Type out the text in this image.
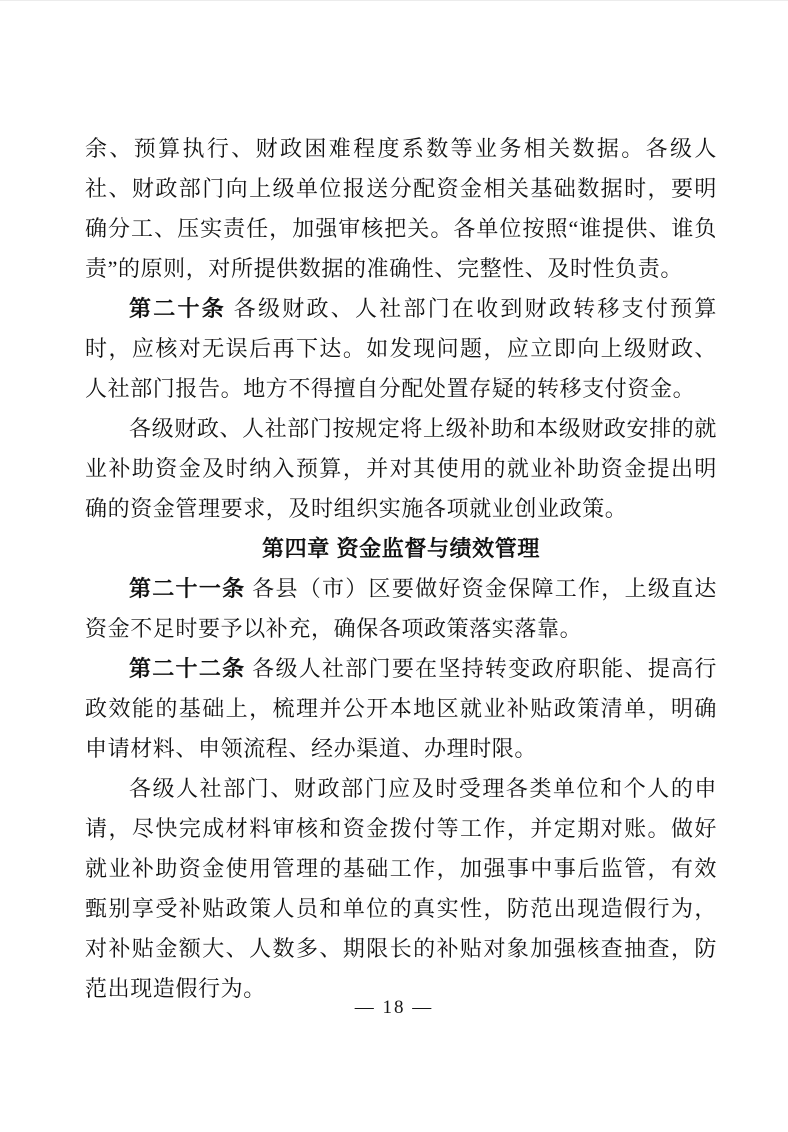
余、预算执行、财政困难程度系数等业务相关数据。各级人社、财政部门向上级单位报送分配资金相关基础数据时，要明确分工、压实责任，加强审核把关。各单位按照“谁提供、谁负责”的原则，对所提供数据的准确性、完整性、及时性负责。

第二十条 各级财政、人社部门在收到财政转移支付预算时，应核对无误后再下达。如发现问题，应立即向上级财政、人社部门报告。地方不得擅自分配处置存疑的转移支付资金。

各级财政、人社部门按规定将上级补助和本级财政安排的就业补助资金及时纳入预算，并对其使用的就业补助资金提出明确的资金管理要求，及时组织实施各项就业创业政策。

第四章 资金监督与绩效管理

第二十一条 各县（市）区要做好资金保障工作，上级直达资金不足时要予以补充，确保各项政策落实落靠。

第二十二条 各级人社部门要在坚持转变政府职能、提高行政效能的基础上，梳理并公开本地区就业补贴政策清单，明确申请材料、申领流程、经办渠道、办理时限。

各级人社部门、财政部门应及时受理各类单位和个人的申请，尽快完成材料审核和资金拨付等工作，并定期对账。做好就业补助资金使用管理的基础工作，加强事中事后监管，有效甄别享受补贴政策人员和单位的真实性，防范出现造假行为，对补贴金额大、人数多、期限长的补贴对象加强核查抽查，防范出现造假行为。

— 18 —
